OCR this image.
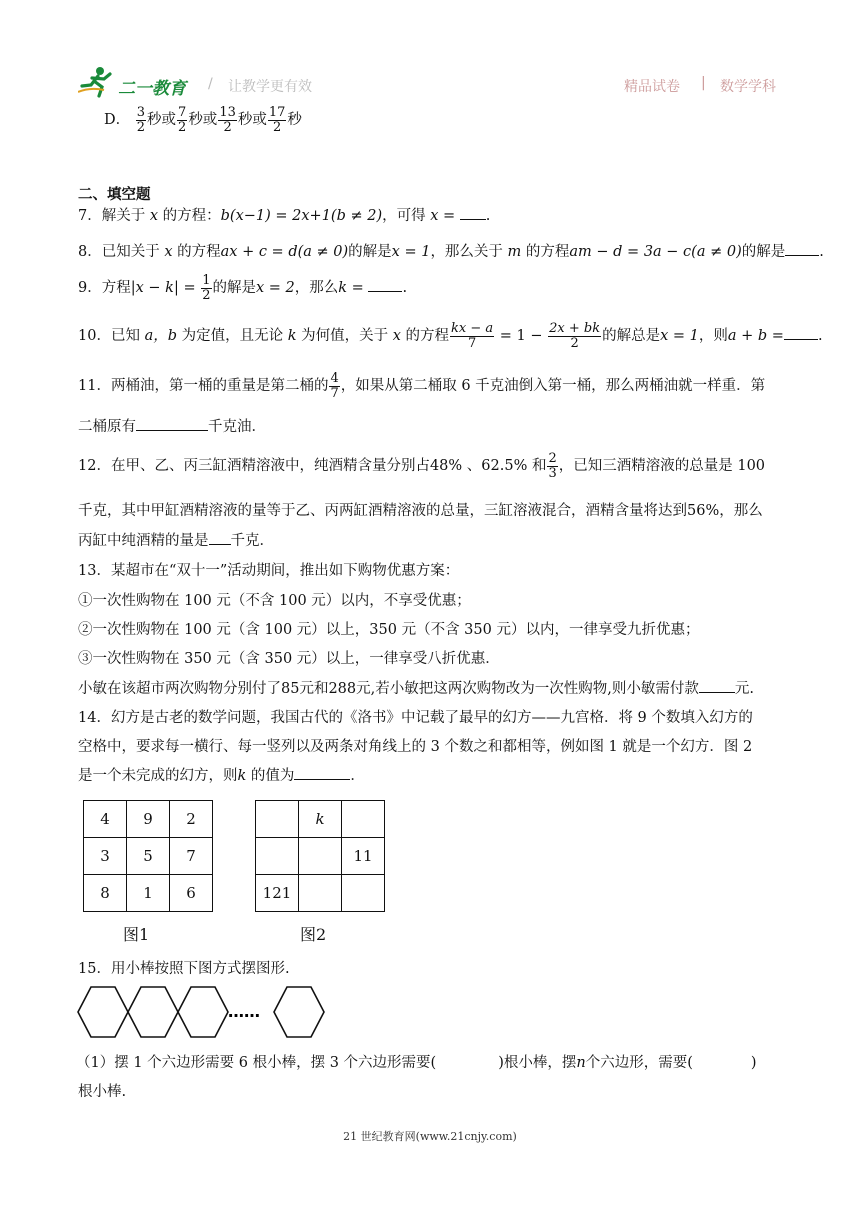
二一教育 / 让教学更有效	精品试卷 | 数学学科
D． $\frac{3}{2}$ 秒或 $\frac{7}{2}$ 秒或 $\frac{13}{2}$ 秒或 $\frac{17}{2}$ 秒
二、填空题
7．解关于 x 的方程：b(x−1) = 2x+1(b ≠ 2)，可得 x = .
8．已知关于 x 的方程ax + c = d(a ≠ 0)的解是x = 1，那么关于 m 的方程am − d = 3a − c(a ≠ 0)的解是 .
9．方程$|x - k| = \frac{1}{2}$ 的解是x = 2，那么k = .
10．已知 a，b 为定值，且无论 k 为何值，关于 x 的方程 $\frac{kx - a}{7} = 1 - \frac{2x + bk}{2}$ 的解总是x = 1，则a + b = .
11．两桶油，第一桶的重量是第二桶的 $\frac{4}{7}$ ，如果从第二桶取 6 千克油倒入第一桶，那么两桶油就一样重．第
二桶原有	千克油．
12．在甲、乙、丙三缸酒精溶液中，纯酒精含量分别占48% 、62.5% 和 $\frac{2}{3}$ ，已知三酒精溶液的总量是 100
千克，其中甲缸酒精溶液的量等于乙、丙两缸酒精溶液的总量，三缸溶液混合，酒精含量将达到56%，那么
丙缸中纯酒精的量是 千克．
13．某超市在“双十一”活动期间，推出如下购物优惠方案：
①一次性购物在 100 元（不含 100 元）以内，不享受优惠；
②一次性购物在 100 元（含 100 元）以上，350 元（不含 350 元）以内，一律享受九折优惠；
③一次性购物在 350 元（含 350 元）以上，一律享受八折优惠．
小敏在该超市两次购物分别付了85元和288元,若小敏把这两次购物改为一次性购物,则小敏需付款 元.
14．幻方是古老的数学问题，我国古代的《洛书》中记载了最早的幻方——九宫格．将 9 个数填入幻方的
空格中，要求每一横行、每一竖列以及两条对角线上的 3 个数之和都相等，例如图 1 就是一个幻方．图 2
是一个未完成的幻方，则k 的值为	．
4	9	2
3	5	7
8	1	6
图1
	k	
		11
121		
图2
15．用小棒按照下图方式摆图形.
……
（1）摆 1 个六边形需要 6 根小棒，摆 3 个六边形需要(	)根小棒，摆n个六边形，需要(	)
根小棒.
21 世纪教育网(www.21cnjy.com)
